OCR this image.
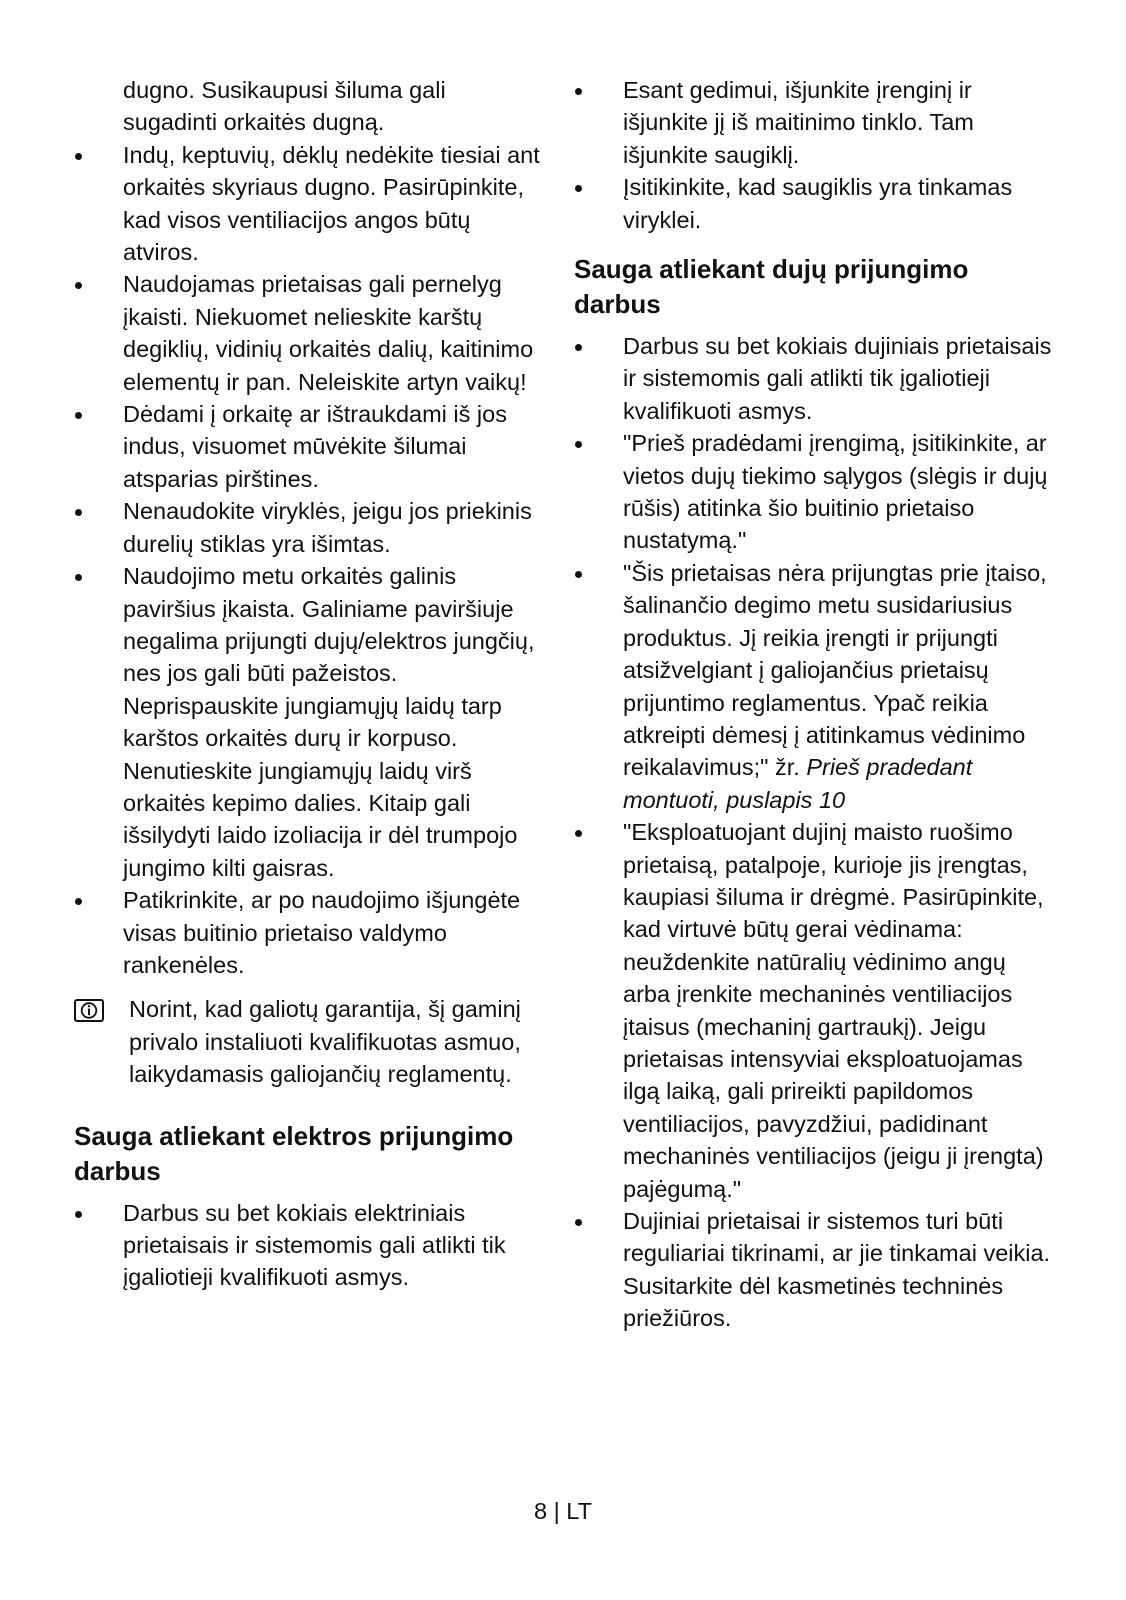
dugno. Susikaupusi šiluma gali sugadinti orkaitės dugną.
Indų, keptuvių, dėklų nedėkite tiesiai ant orkaitės skyriaus dugno. Pasirūpinkite, kad visos ventiliacijos angos būtų atviros.
Naudojamas prietaisas gali pernelyg įkaisti. Niekuomet nelieskite karštų degiklių, vidinių orkaitės dalių, kaitinimo elementų ir pan. Neleiskite artyn vaikų!
Dėdami į orkaitę ar ištraukdami iš jos indus, visuomet mūvėkite šilumai atsparias pirštines.
Nenaudokite viryklės, jeigu jos priekinis durelių stiklas yra išimtas.
Naudojimo metu orkaitės galinis paviršius įkaista. Galiniame paviršiuje negalima prijungti dujų/elektros jungčių, nes jos gali būti pažeistos. Neprispauskite jungiamųjų laidų tarp karštos orkaitės durų ir korpuso. Nenutieskite jungiamųjų laidų virš orkaitės kepimo dalies. Kitaip gali išsilydyti laido izoliacija ir dėl trumpojo jungimo kilti gaisras.
Patikrinkite, ar po naudojimo išjungėte visas buitinio prietaiso valdymo rankenėles.
Norint, kad galiotų garantija, šį gaminį privalo instaliuoti kvalifikuotas asmuo, laikydamasis galiojančių reglamentų.
Sauga atliekant elektros prijungimo darbus
Darbus su bet kokiais elektriniais prietaisais ir sistemomis gali atlikti tik įgaliotieji kvalifikuoti asmys.
Esant gedimui, išjunkite įrenginį ir išjunkite jį iš maitinimo tinklo. Tam išjunkite saugiklį.
Įsitikinkite, kad saugiklis yra tinkamas viryklei.
Sauga atliekant dujų prijungimo darbus
Darbus su bet kokiais dujiniais prietaisais ir sistemomis gali atlikti tik įgaliotieji kvalifikuoti asmys.
"Prieš pradėdami įrengimą, įsitikinkite, ar vietos dujų tiekimo sąlygos (slėgis ir dujų rūšis) atitinka šio buitinio prietaiso nustatymą."
"Šis prietaisas nėra prijungtas prie įtaiso, šalinančio degimo metu susidariusius produktus. Jį reikia įrengti ir prijungti atsižvelgiant į galiojančius prietaisų prijuntimo reglamentus. Ypač reikia atkreipti dėmesį į atitinkamus vėdinimo reikalavimus;" žr. Prieš pradedant montuoti, puslapis 10
"Eksploatuojant dujinį maisto ruošimo prietaisą, patalpoje, kurioje jis įrengtas, kaupiasi šiluma ir drėgmė. Pasirūpinkite, kad virtuvė būtų gerai vėdinama: neuždenkite natūralių vėdinimo angų arba įrenkite mechaninės ventiliacijos įtaisus (mechaninį gartraukį). Jeigu prietaisas intensyviai eksploatuojamas ilgą laiką, gali prireikti papildomos ventiliacijos, pavyzdžiui, padidinant mechaninės ventiliacijos (jeigu ji įrengta) pajėgumą."
Dujiniai prietaisai ir sistemos turi būti reguliariai tikrinami, ar jie tinkamai veikia. Susitarkite dėl kasmetinės techninės priežiūros.
8 | LT
